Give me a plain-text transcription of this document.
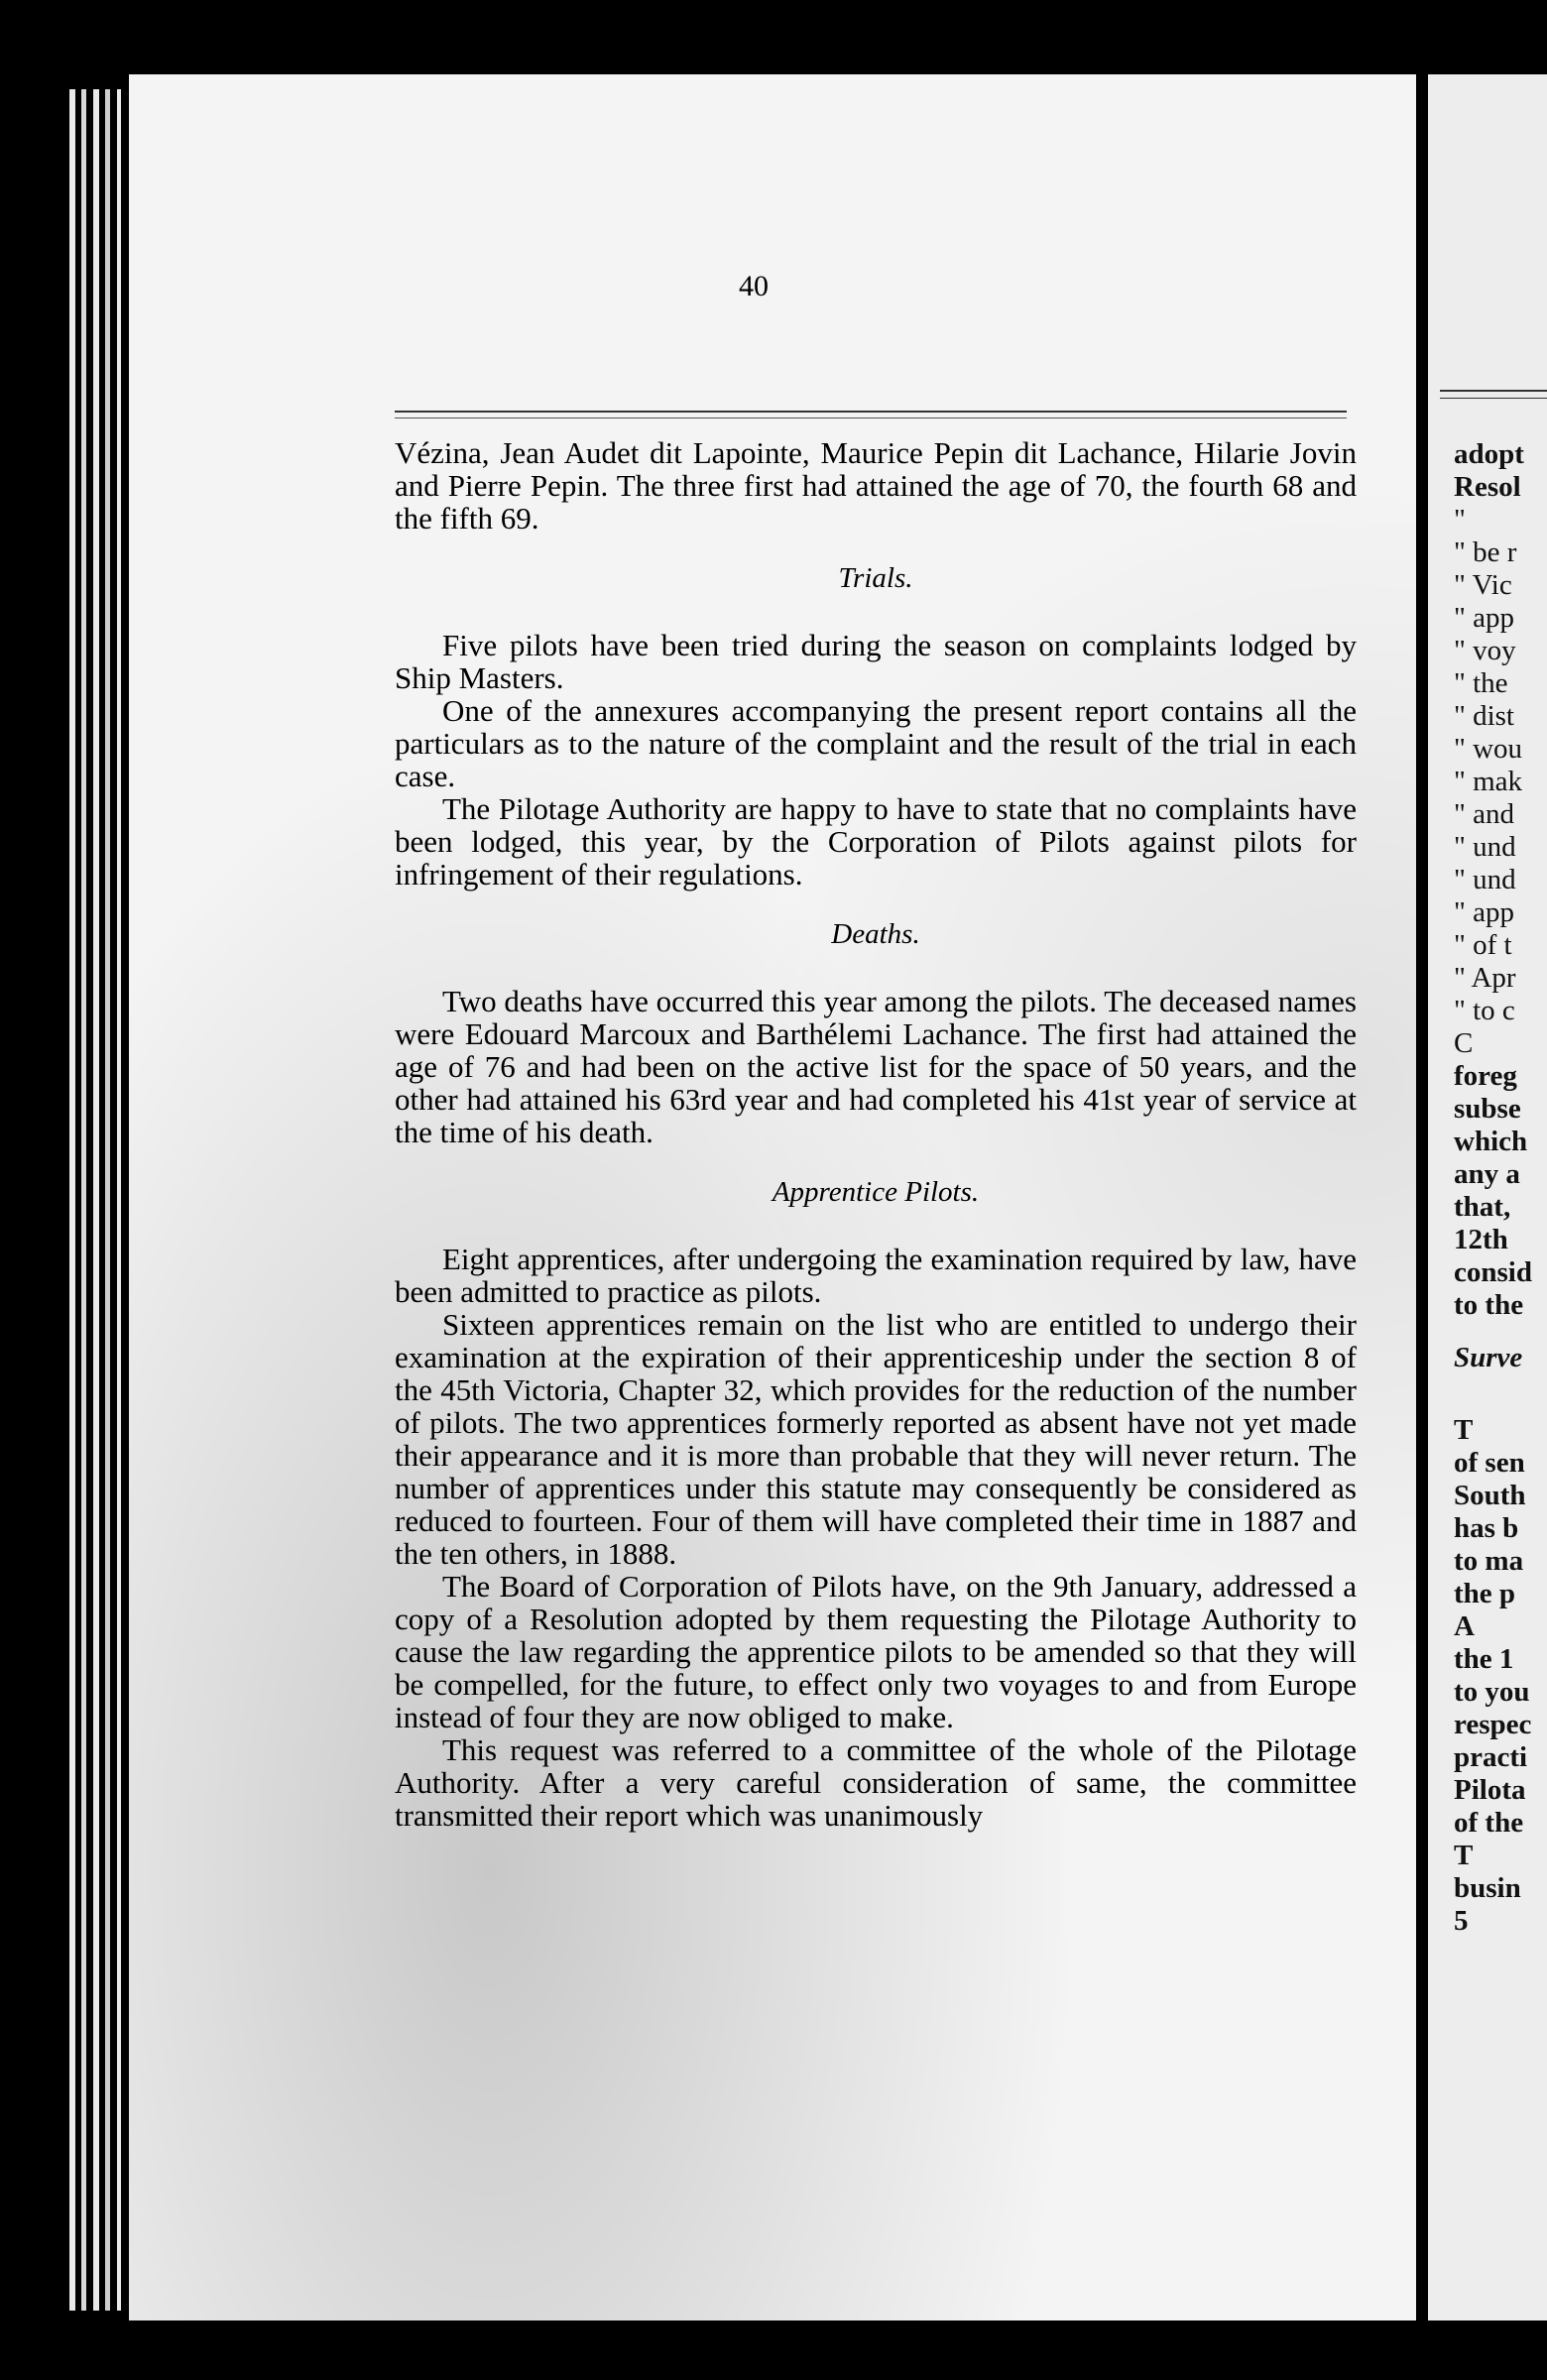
40

Vézina, Jean Audet dit Lapointe, Maurice Pepin dit Lachance, Hilarie Jovin and Pierre Pepin. The three first had attained the age of 70, the fourth 68 and the fifth 69.

Trials.

Five pilots have been tried during the season on complaints lodged by Ship Masters.

One of the annexures accompanying the present report contains all the particulars as to the nature of the complaint and the result of the trial in each case.

The Pilotage Authority are happy to have to state that no complaints have been lodged, this year, by the Corporation of Pilots against pilots for infringement of their regulations.

Deaths.

Two deaths have occurred this year among the pilots. The deceased names were Edouard Marcoux and Barthélemi Lachance. The first had attained the age of 76 and had been on the active list for the space of 50 years, and the other had attained his 63rd year and had completed his 41st year of service at the time of his death.

Apprentice Pilots.

Eight apprentices, after undergoing the examination required by law, have been admitted to practice as pilots.

Sixteen apprentices remain on the list who are entitled to undergo their examination at the expiration of their apprenticeship under the section 8 of the 45th Victoria, Chapter 32, which provides for the reduction of the number of pilots. The two apprentices formerly reported as absent have not yet made their appearance and it is more than probable that they will never return. The number of apprentices under this statute may consequently be considered as reduced to fourteen. Four of them will have completed their time in 1887 and the ten others, in 1888.

The Board of Corporation of Pilots have, on the 9th January, addressed a copy of a Resolution adopted by them requesting the Pilotage Authority to cause the law regarding the apprentice pilots to be amended so that they will be compelled, for the future, to effect only two voyages to and from Europe instead of four they are now obliged to make.

This request was referred to a committee of the whole of the Pilotage Authority. After a very careful consideration of same, the committee transmitted their report which was unanimously

adopt
Resol
"
" be r
" Vic
" app
" voy
" the
" dist
" wou
" mak
" and
" und
" und
" app
" of t
" Apr
" to c
C
foreg
subse
which
any a
that,
12th
consid
to the
Surve
T
of sen
South
has b
to ma
the p
A
the 1
to you
respec
practi
Pilota
of the
T
busin
5
